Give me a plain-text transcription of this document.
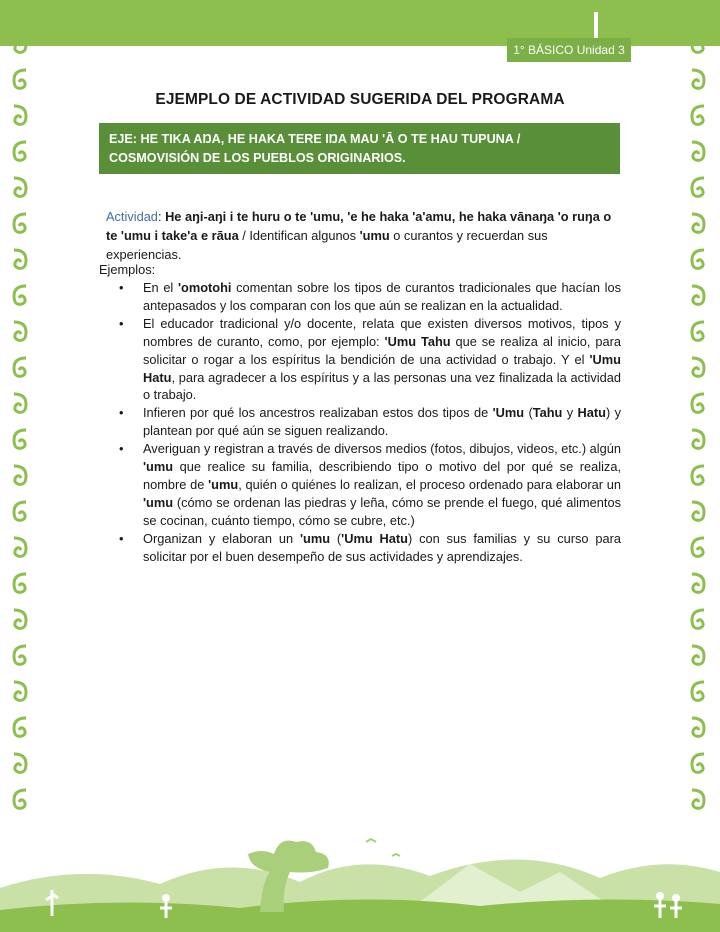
1° BÁSICO Unidad 3
EJEMPLO DE ACTIVIDAD SUGERIDA DEL PROGRAMA
EJE: HE TIKA AŊA, HE HAKA TERE IŊA MAU 'Ā O TE HAU TUPUNA / COSMOVISIÓN DE LOS PUEBLOS ORIGINARIOS.
Actividad: He aŋi-aŋi i te huru o te 'umu, 'e he haka 'a'amu, he haka vānaŋa 'o ruŋa o te 'umu i take'a e rāua / Identifican algunos 'umu o curantos y recuerdan sus experiencias.
Ejemplos:
• En el 'omotohi comentan sobre los tipos de curantos tradicionales que hacían los antepasados y los comparan con los que aún se realizan en la actualidad.
• El educador tradicional y/o docente, relata que existen diversos motivos, tipos y nombres de curanto, como, por ejemplo: 'Umu Tahu que se realiza al inicio, para solicitar o rogar a los espíritus la bendición de una actividad o trabajo. Y el 'Umu Hatu, para agradecer a los espíritus y a las personas una vez finalizada la actividad o trabajo.
• Infieren por qué los ancestros realizaban estos dos tipos de 'Umu (Tahu y Hatu) y plantean por qué aún se siguen realizando.
• Averiguan y registran a través de diversos medios (fotos, dibujos, videos, etc.) algún 'umu que realice su familia, describiendo tipo o motivo del por qué se realiza, nombre de 'umu, quién o quiénes lo realizan, el proceso ordenado para elaborar un 'umu (cómo se ordenan las piedras y leña, cómo se prende el fuego, qué alimentos se cocinan, cuánto tiempo, cómo se cubre, etc.)
• Organizan y elaboran un 'umu ('Umu Hatu) con sus familias y su curso para solicitar por el buen desempeño de sus actividades y aprendizajes.
